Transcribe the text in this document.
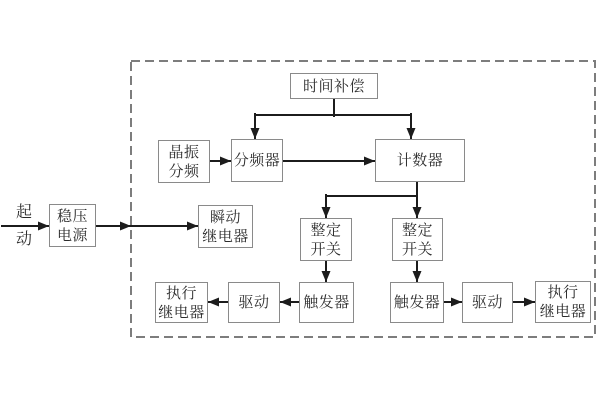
起
动
时间补偿
晶振
分频
分频器	计数器
稳压
电源
瞬动
继电器	整定
开关
整定
开关
触发器	触发器
驱动	驱动
执行
继电器
执行
继电器
